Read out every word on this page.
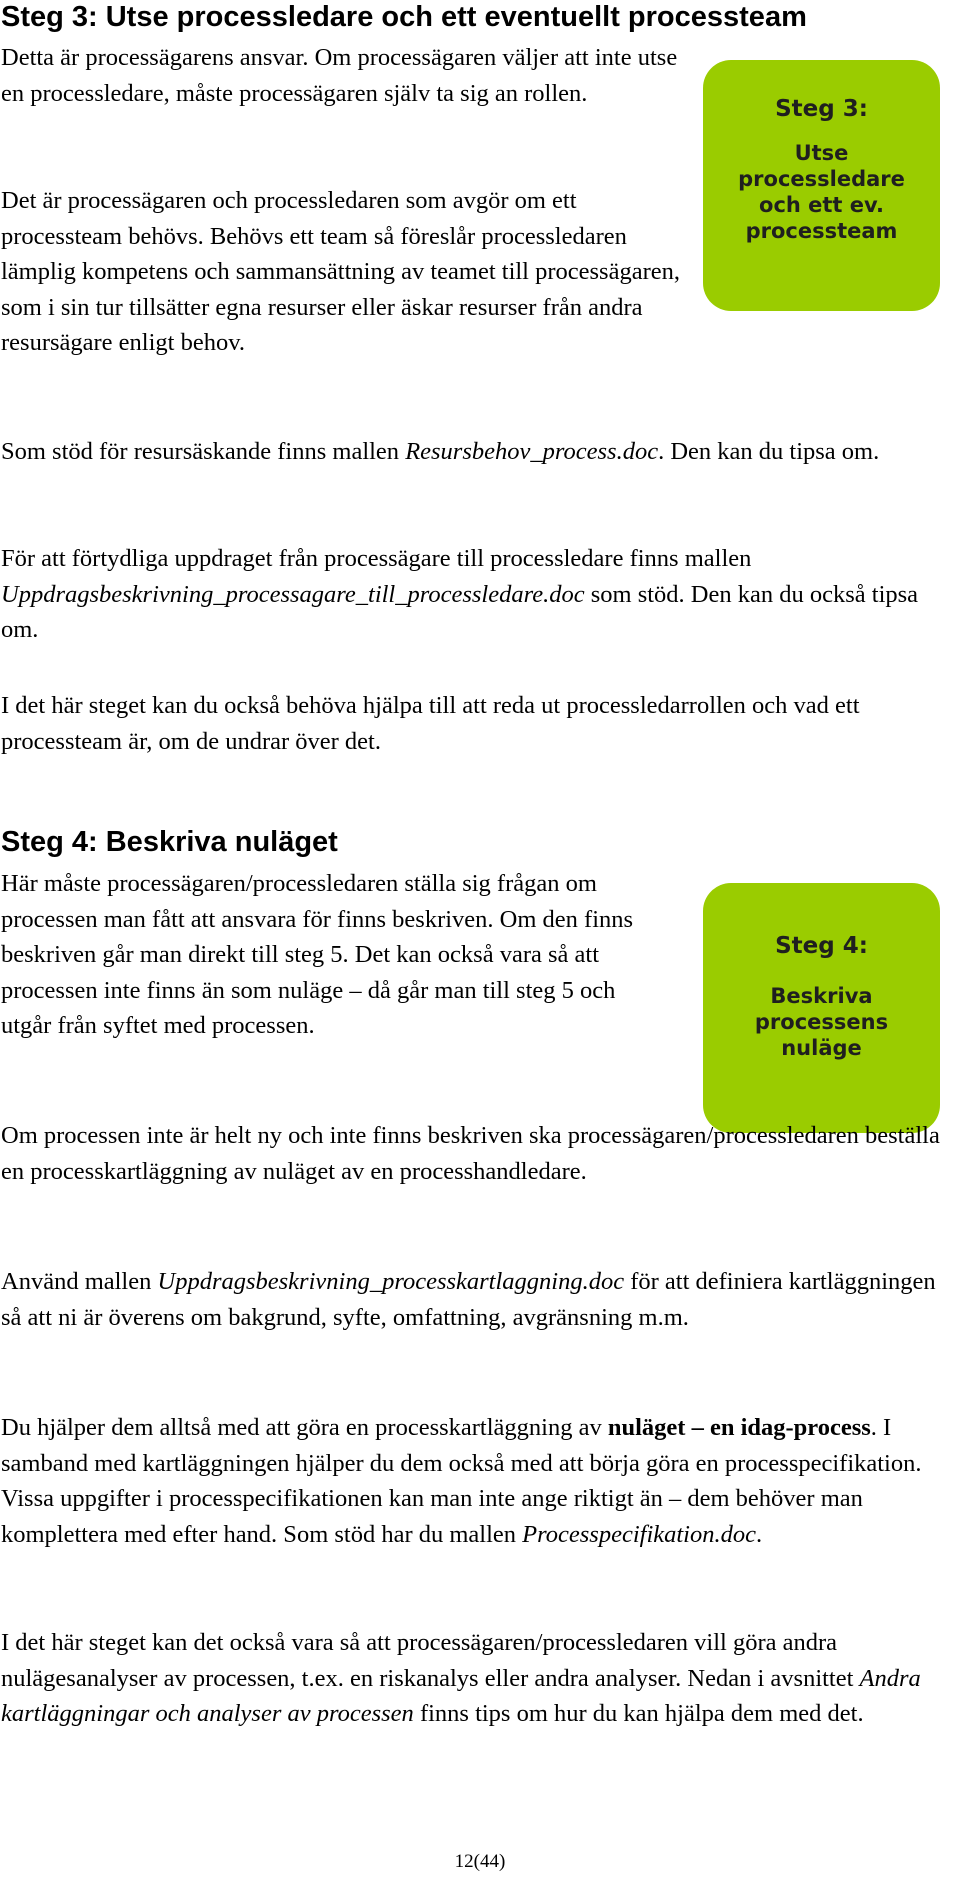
Steg 3: Utse processledare och ett eventuellt processteam
Steg 3:
Utse
processledare
och ett ev.
processteam

Detta är processägarens ansvar. Om processägaren väljer att inte utse en processledare, måste processägaren själv ta sig an rollen.

Det är processägaren och processledaren som avgör om ett processteam behövs. Behövs ett team så föreslår processledaren lämplig kompetens och sammansättning av teamet till processägaren, som i sin tur tillsätter egna resurser eller äskar resurser från andra resursägare enligt behov.

Som stöd för resursäskande finns mallen Resursbehov_process.doc. Den kan du tipsa om.

För att förtydliga uppdraget från processägare till processledare finns mallen Uppdragsbeskrivning_processagare_till_processledare.doc som stöd. Den kan du också tipsa om.

I det här steget kan du också behöva hjälpa till att reda ut processledarrollen och vad ett processteam är, om de undrar över det.

Steg 4: Beskriva nuläget
Steg 4:
Beskriva
processens
nuläge

Här måste processägaren/processledaren ställa sig frågan om processen man fått att ansvara för finns beskriven. Om den finns beskriven går man direkt till steg 5. Det kan också vara så att processen inte finns än som nuläge – då går man till steg 5 och utgår från syftet med processen.

Om processen inte är helt ny och inte finns beskriven ska processägaren/processledaren beställa en processkartläggning av nuläget av en processhandledare.

Använd mallen Uppdragsbeskrivning_processkartlaggning.doc för att definiera kartläggningen så att ni är överens om bakgrund, syfte, omfattning, avgränsning m.m.

Du hjälper dem alltså med att göra en processkartläggning av nuläget – en idag-process. I samband med kartläggningen hjälper du dem också med att börja göra en processpecifikation. Vissa uppgifter i processpecifikationen kan man inte ange riktigt än – dem behöver man komplettera med efter hand. Som stöd har du mallen Processpecifikation.doc.

I det här steget kan det också vara så att processägaren/processledaren vill göra andra nulägesanalyser av processen, t.ex. en riskanalys eller andra analyser. Nedan i avsnittet Andra kartläggningar och analyser av processen finns tips om hur du kan hjälpa dem med det.

12(44)
